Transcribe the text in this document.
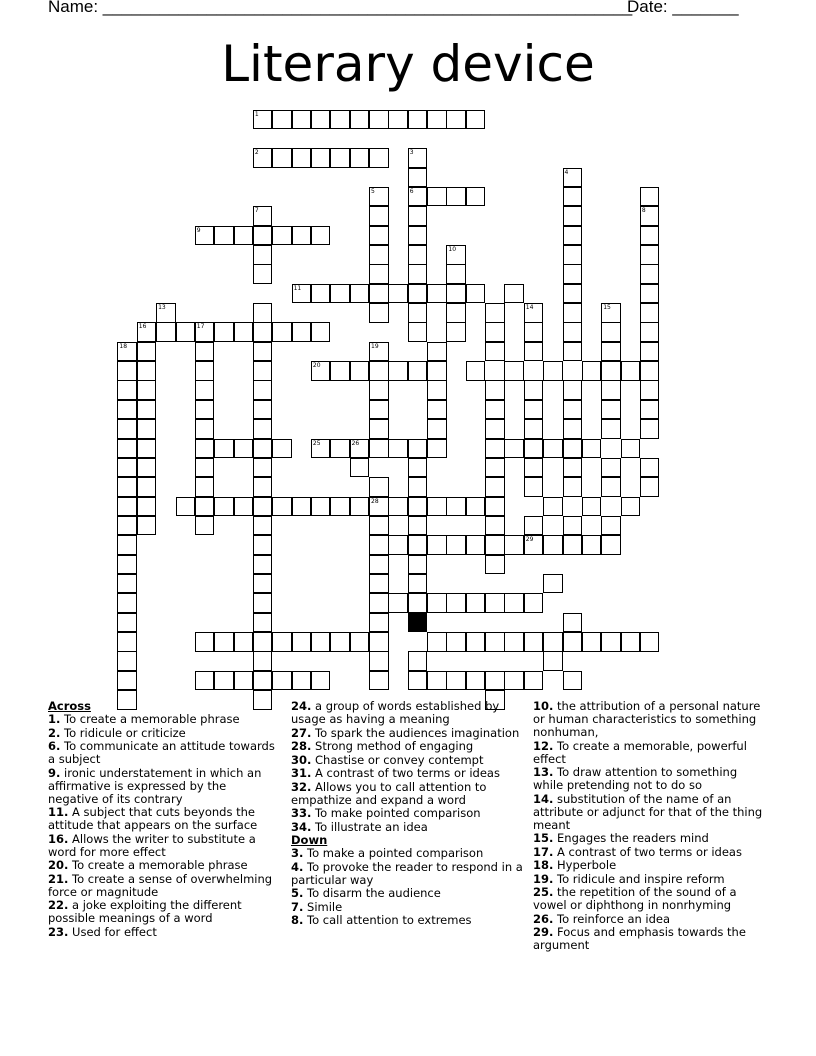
Name: ________________________________________________________
Date: _______
Literary device
1
2	3
4
5	6
7	8
9
10
11
13	14	15
16	17
18	19
20
25	26
28
29
32
Across
1. To create a memorable phrase
2. To ridicule or criticize
6. To communicate an attitude towards a subject
9. ironic understatement in which an affirmative is expressed by the negative of its contrary
11. A subject that cuts beyonds the attitude that appears on the surface
16. Allows the writer to substitute a word for more effect
20. To create a memorable phrase
21. To create a sense of overwhelming force or magnitude
22. a joke exploiting the different possible meanings of a word
23. Used for effect
24. a group of words established by usage as having a meaning
27. To spark the audiences imagination
28. Strong method of engaging
30. Chastise or convey contempt
31. A contrast of two terms or ideas
32. Allows you to call attention to empathize and expand a word
33. To make pointed comparison
34. To illustrate an idea
Down
3. To make a pointed comparison
4. To provoke the reader to respond in a particular way
5. To disarm the audience
7. Simile
8. To call attention to extremes
10. the attribution of a personal nature or human characteristics to something nonhuman,
12. To create a memorable, powerful effect
13. To draw attention to something while pretending not to do so
14. substitution of the name of an attribute or adjunct for that of the thing meant
15. Engages the readers mind
17. A contrast of two terms or ideas
18. Hyperbole
19. To ridicule and inspire reform
25. the repetition of the sound of a vowel or diphthong in nonrhyming
26. To reinforce an idea
29. Focus and emphasis towards the argument
